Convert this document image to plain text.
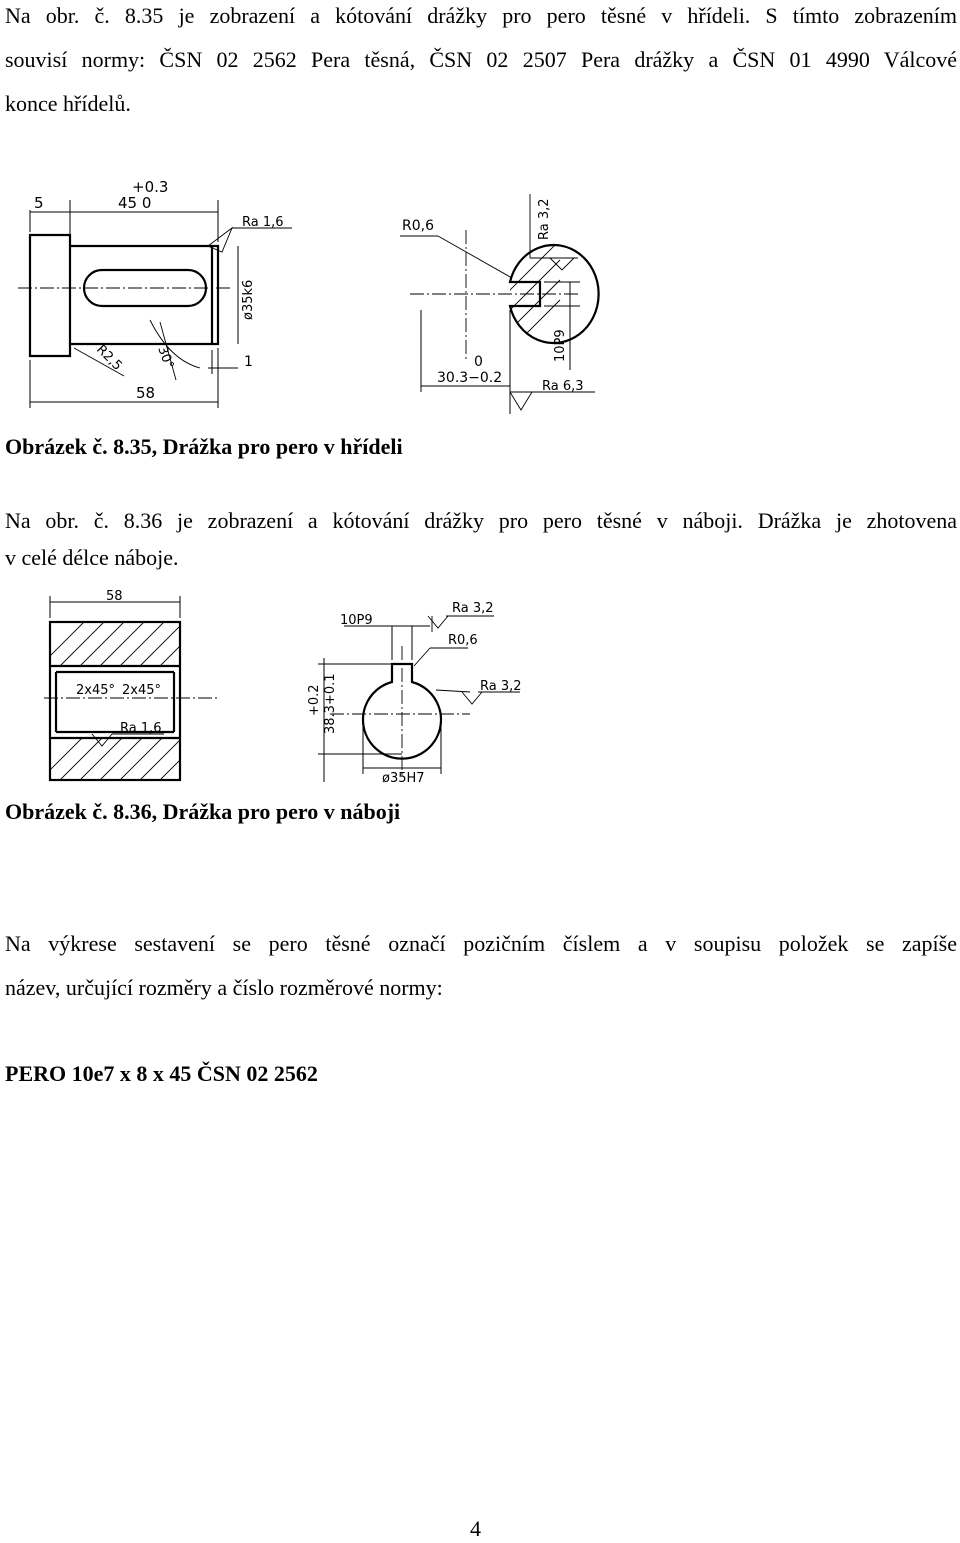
Na obr. č. 8.35 je zobrazení a kótování drážky pro pero těsné v hřídeli. S tímto zobrazením
souvisí normy: ČSN 02 2562 Pera těsná, ČSN 02 2507 Pera drážky a ČSN 01 4990 Válcové
konce hřídelů.
5
+0.3
45 0
Ra 1,6
ø35k6
R2,5 30°	1
58
R0,6	Ra 3,2
10P9
0
30.3−0.2
Ra 6,3

Obrázek č. 8.35, Drážka pro pero v hřídeli

Na obr. č. 8.36 je zobrazení a kótování drážky pro pero těsné v náboji. Drážka je zhotovena
v celé délce náboje.
58
2x45° 2x45°
Ra 1,6
10P9
Ra 3,2
R0,6
Ra 3,2
+0.2 38.3+0.1
ø35H7

Obrázek č. 8.36, Drážka pro pero v náboji

Na výkrese sestavení se pero těsné označí pozičním číslem a v soupisu položek se zapíše
název, určující rozměry a číslo rozměrové normy:

PERO 10e7 x 8 x 45 ČSN 02 2562

4
